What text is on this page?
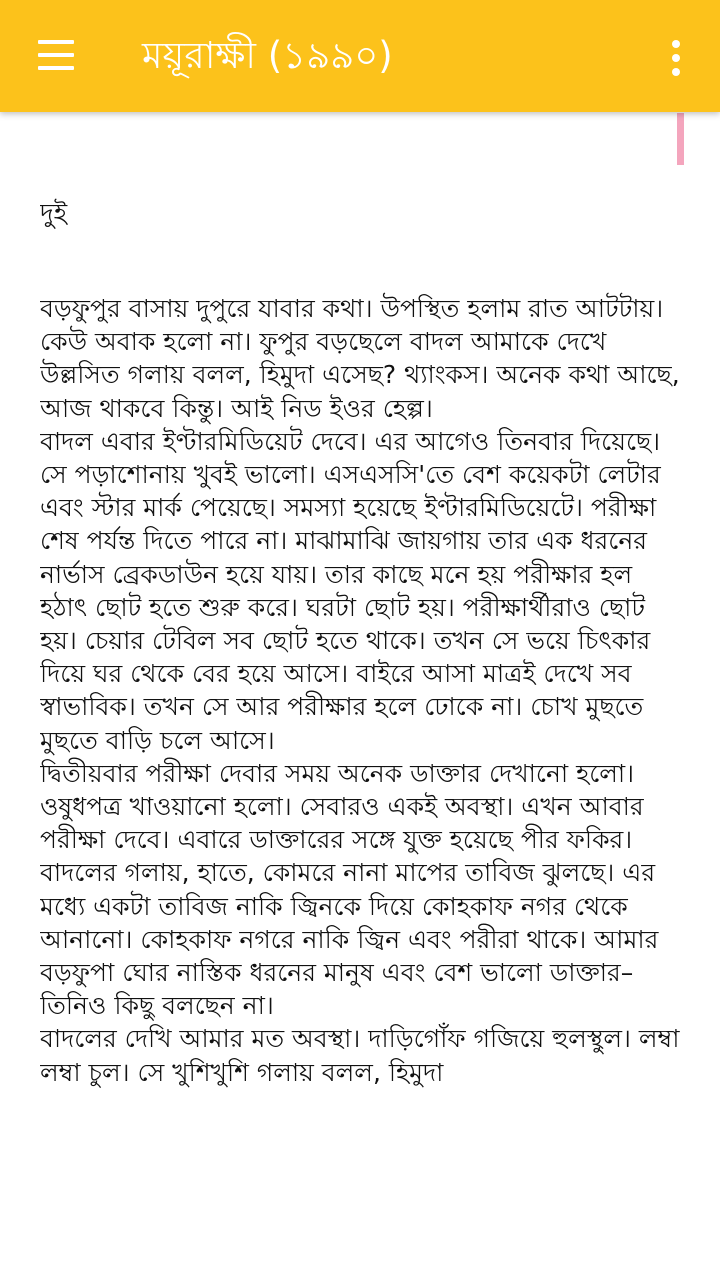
ময়ূরাক্ষী (১৯৯০)
দুই

বড়ফুপুর বাসায় দুপুরে যাবার কথা। উপস্থিত হলাম রাত আটটায়। কেউ অবাক হলো না। ফুপুর বড়ছেলে বাদল আমাকে দেখে উল্লসিত গলায় বলল, হিমুদা এসেছ? থ্যাংকস। অনেক কথা আছে, আজ থাকবে কিন্তু। আই নিড ইওর হেল্প।

বাদল এবার ইণ্টারমিডিয়েট দেবে। এর আগেও তিনবার দিয়েছে। সে পড়াশোনায় খুবই ভালো। এসএসসি'তে বেশ কয়েকটা লেটার এবং স্টার মার্ক পেয়েছে। সমস্যা হয়েছে ইণ্টারমিডিয়েটে। পরীক্ষা শেষ পর্যন্ত দিতে পারে না। মাঝামাঝি জায়গায় তার এক ধরনের নার্ভাস ব্রেকডাউন হয়ে যায়। তার কাছে মনে হয় পরীক্ষার হল হঠাৎ ছোট হতে শুরু করে। ঘরটা ছোট হয়। পরীক্ষার্থীরাও ছোট হয়। চেয়ার টেবিল সব ছোট হতে থাকে। তখন সে ভয়ে চিৎকার দিয়ে ঘর থেকে বের হয়ে আসে। বাইরে আসা মাত্রই দেখে সব স্বাভাবিক। তখন সে আর পরীক্ষার হলে ঢোকে না। চোখ মুছতে মুছতে বাড়ি চলে আসে।

দ্বিতীয়বার পরীক্ষা দেবার সময় অনেক ডাক্তার দেখানো হলো। ওষুধপত্র খাওয়ানো হলো। সেবারও একই অবস্থা। এখন আবার পরীক্ষা দেবে। এবারে ডাক্তারের সঙ্গে যুক্ত হয়েছে পীর ফকির। বাদলের গলায়, হাতে, কোমরে নানা মাপের তাবিজ ঝুলছে। এর মধ্যে একটা তাবিজ নাকি জ্বিনকে দিয়ে কোহকাফ নগর থেকে আনানো। কোহকাফ নগরে নাকি জ্বিন এবং পরীরা থাকে। আমার বড়ফুপা ঘোর নাস্তিক ধরনের মানুষ এবং বেশ ভালো ডাক্তার–তিনিও কিছু বলছেন না।

বাদলের দেখি আমার মত অবস্থা। দাড়িগোঁফ গজিয়ে হুলস্থুল। লম্বা লম্বা চুল। সে খুশিখুশি গলায় বলল, হিমুদা
